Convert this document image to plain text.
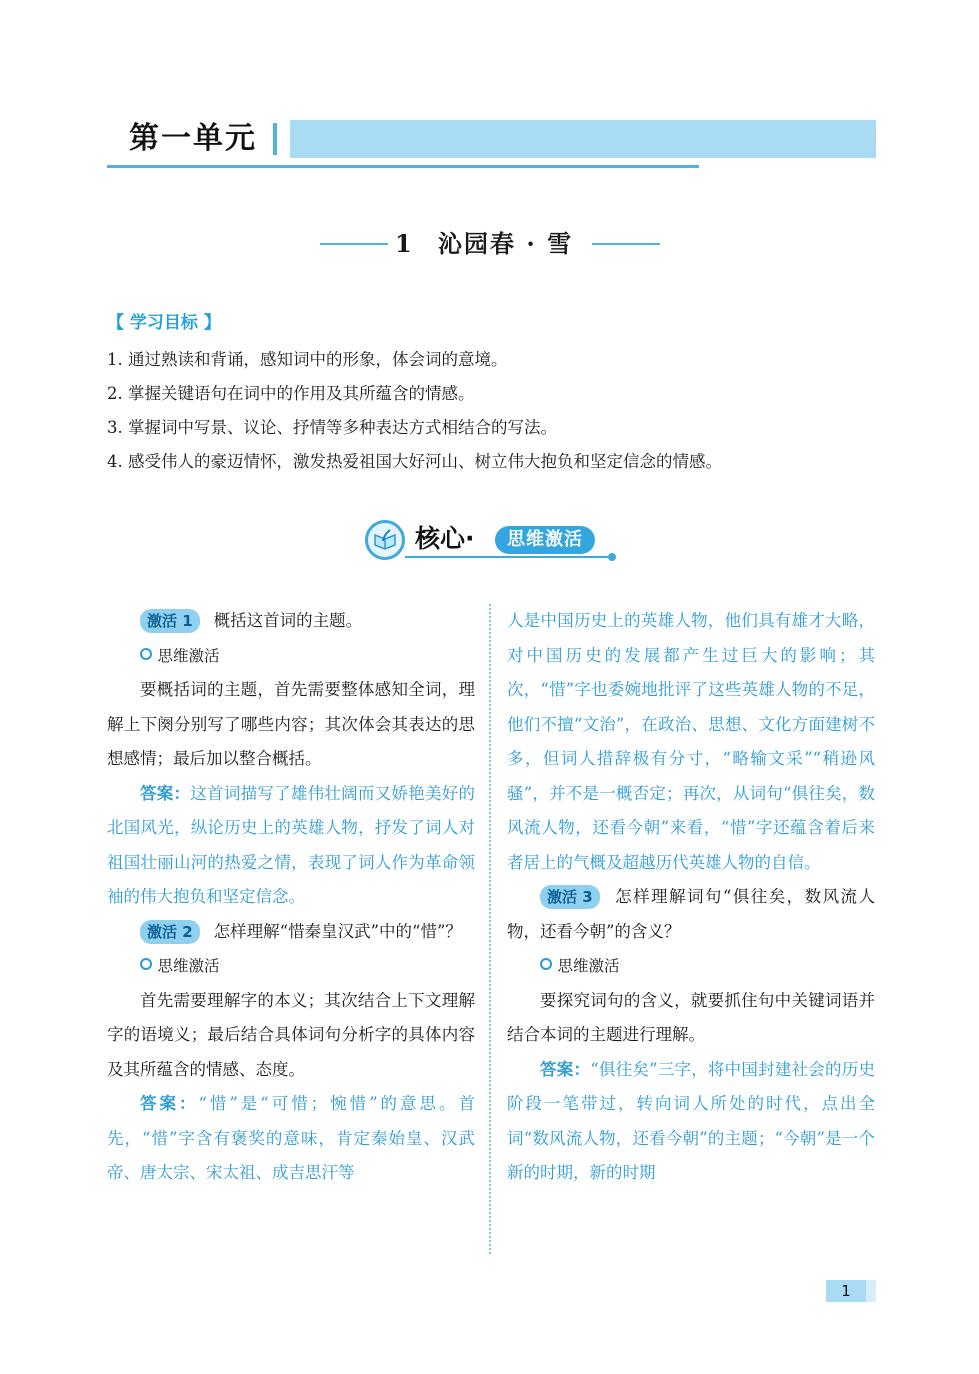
第一单元
1 沁园春 · 雪
【 学习目标 】
1. 通过熟读和背诵，感知词中的形象，体会词的意境。
2. 掌握关键语句在词中的作用及其所蕴含的情感。
3. 掌握词中写景、议论、抒情等多种表达方式相结合的写法。
4. 感受伟人的豪迈情怀，激发热爱祖国大好河山、树立伟大抱负和坚定信念的情感。
核心·	思维激活

激活 1 概括这首词的主题。

思维激活

要概括词的主题，首先需要整体感知全词，理解上下阕分别写了哪些内容；其次体会其表达的思想感情；最后加以整合概括。

答案：这首词描写了雄伟壮阔而又娇艳美好的北国风光，纵论历史上的英雄人物，抒发了词人对祖国壮丽山河的热爱之情，表现了词人作为革命领袖的伟大抱负和坚定信念。

激活 2 怎样理解“惜秦皇汉武”中的“惜”？

思维激活

首先需要理解字的本义；其次结合上下文理解字的语境义；最后结合具体词句分析字的具体内容及其所蕴含的情感、态度。

答案：“惜”是“可惜；惋惜”的意思。首先，“惜”字含有褒奖的意味，肯定秦始皇、汉武帝、唐太宗、宋太祖、成吉思汗等

人是中国历史上的英雄人物，他们具有雄才大略，对中国历史的发展都产生过巨大的影响；其次，“惜”字也委婉地批评了这些英雄人物的不足，他们不擅“文治”，在政治、思想、文化方面建树不多，但词人措辞极有分寸，“略输文采”“稍逊风骚”，并不是一概否定；再次，从词句“俱往矣，数风流人物，还看今朝”来看，“惜”字还蕴含着后来者居上的气概及超越历代英雄人物的自信。

激活 3 怎样理解词句“俱往矣，数风流人物，还看今朝”的含义？

思维激活

要探究词句的含义，就要抓住句中关键词语并结合本词的主题进行理解。

答案：“俱往矣”三字，将中国封建社会的历史阶段一笔带过，转向词人所处的时代，点出全词“数风流人物，还看今朝”的主题；“今朝”是一个新的时期，新的时期

1
